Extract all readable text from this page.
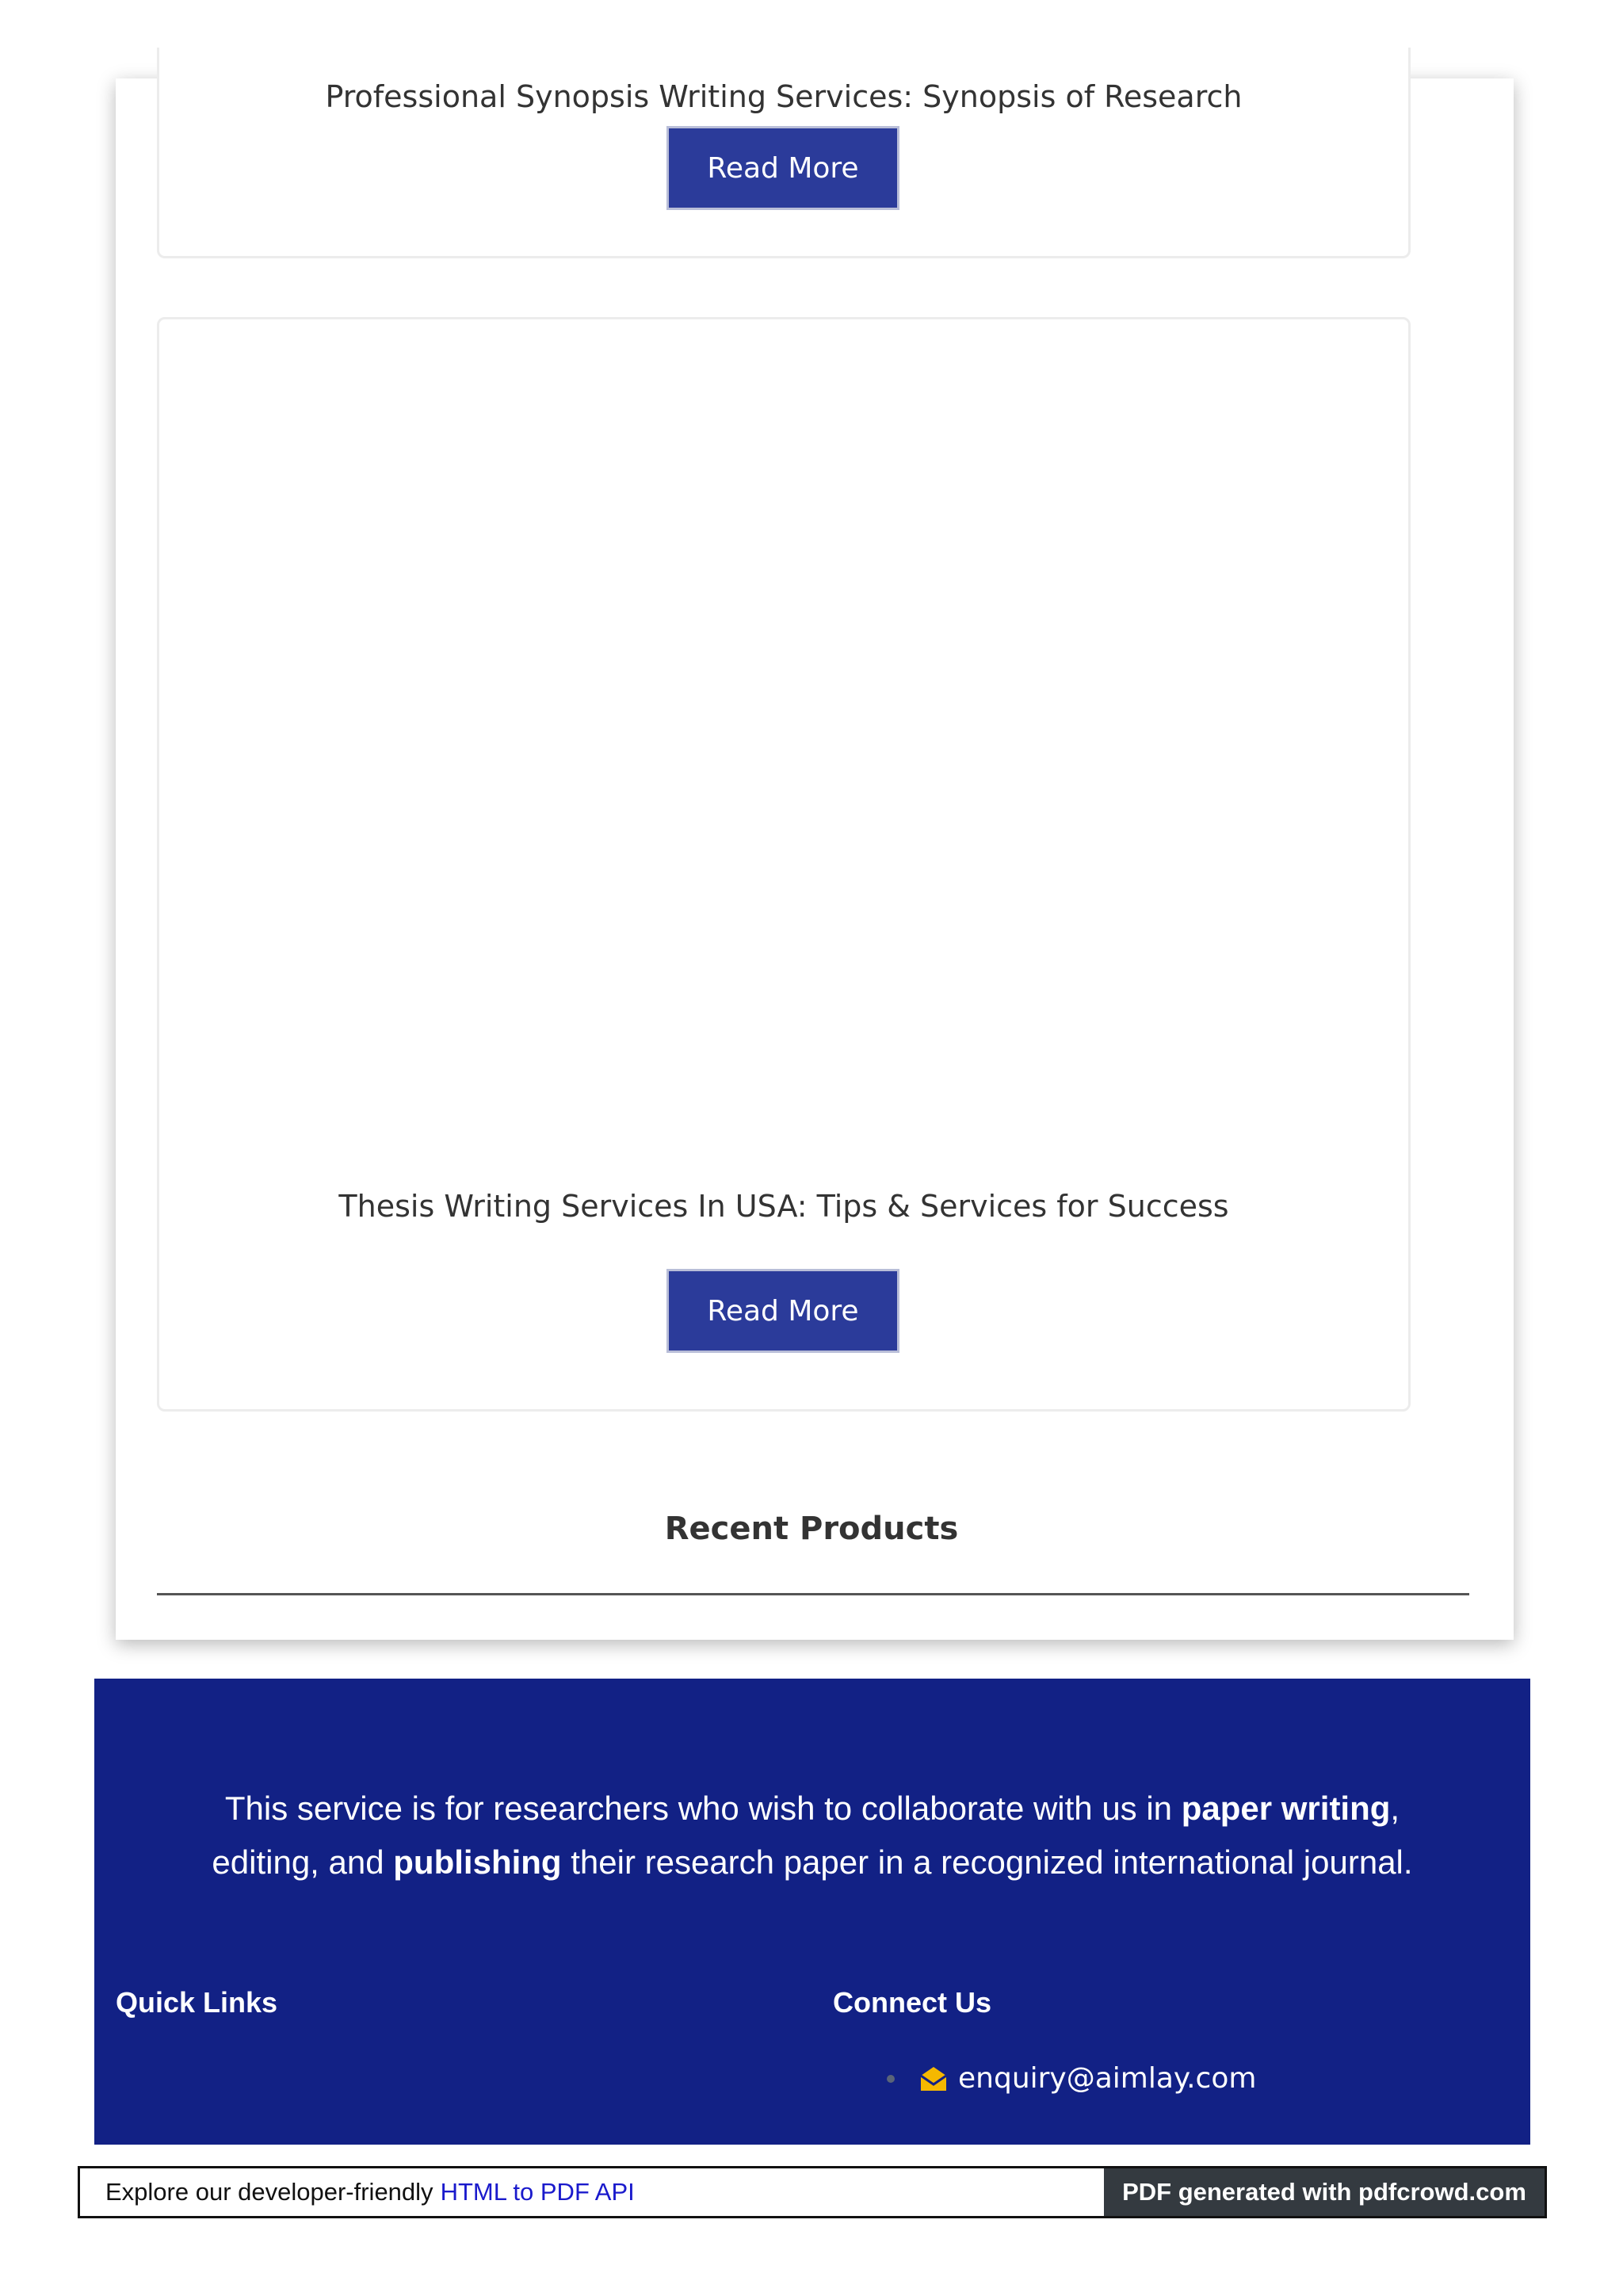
Professional Synopsis Writing Services: Synopsis of Research
Read More
Thesis Writing Services In USA: Tips & Services for Success
Read More
Recent Products
This service is for researchers who wish to collaborate with us in paper writing, editing, and publishing their research paper in a recognized international journal.
Quick Links	Connect Us
enquiry@aimlay.com
Explore our developer-friendly HTML to PDF API	PDF generated with pdfcrowd.com
